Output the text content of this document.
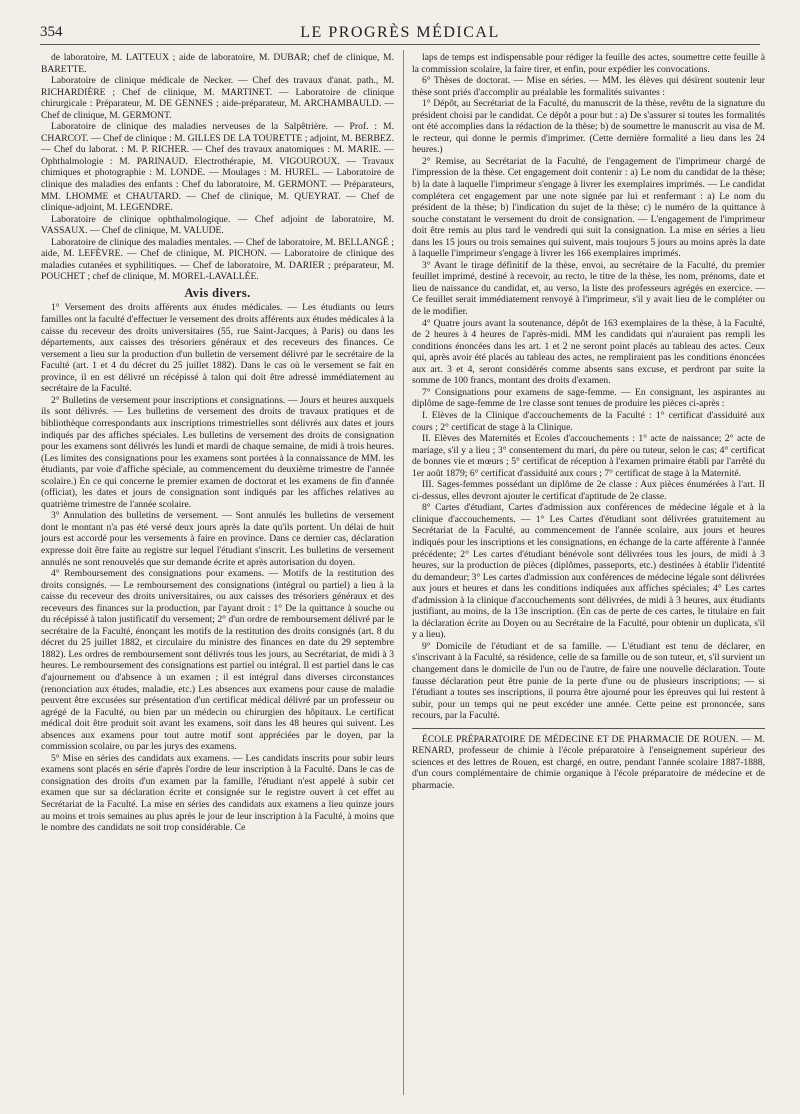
354	LE PROGRÈS MÉDICAL

de laboratoire, M. LATTEUX ; aide de laboratoire, M. DUBAR; chef de clinique, M. BARETTE.

Laboratoire de clinique médicale de Necker. — Chef des travaux d'anat. path., M. RICHARDIÈRE ; Chef de clinique, M. MARTINET. — Laboratoire de clinique chirurgicale : Préparateur, M. DE GENNES ; aide-préparateur, M. ARCHAMBAULD. — Chef de clinique, M. GERMONT.

Laboratoire de clinique des maladies nerveuses de la Salpêtrière. — Prof. : M. CHARCOT. — Chef de clinique : M. GILLES DE LA TOURETTE ; adjoint, M. BERBEZ. — Chef du laborat. : M. P. RICHER. — Chef des travaux anatomiques : M. MARIE. — Ophthalmologie : M. PARINAUD. Electrothérapie, M. VIGOUROUX. — Travaux chimiques et photographie : M. LONDE. — Moulages : M. HUREL. — Laboratoire de clinique des maladies des enfants : Chef du laboratoire, M. GERMONT. — Préparateurs, MM. LHOMME et CHAUTARD. — Chef de clinique, M. QUEYRAT. — Chef de clinique-adjoint, M. LEGENDRE.

Laboratoire de clinique ophthalmologique. — Chef adjoint de laboratoire, M. VASSAUX. — Chef de clinique, M. VALUDE.

Laboratoire de clinique des maladies mentales. — Chef de laboratoire, M. BELLANGÉ ; aide, M. LEFÈVRE. — Chef de clinique, M. PICHON. — Laboratoire de clinique des maladies cutanées et syphilitiques. — Chef de laboratoire, M. DARIER ; préparateur, M. POUCHET ; chef de clinique, M. MOREL-LAVALLÉE.

Avis divers.

1° Versement des droits afférents aux études médicales. — Les étudiants ou leurs familles ont la faculté d'effectuer le versement des droits afférents aux études médicales à la caisse du receveur des droits universitaires (55, rue Saint-Jacques, à Paris) ou dans les départements, aux caisses des trésoriers généraux et des receveurs des finances. Ce versement a lieu sur la production d'un bulletin de versement délivré par le secrétaire de la Faculté (art. 1 et 4 du décret du 25 juillet 1882). Dans le cas où le versement se fait en province, il en est délivré un récépissé à talon qui doit être adressé immédiatement au secrétaire de la Faculté.

2° Bulletins de versement pour inscriptions et consignations. — Jours et heures auxquels ils sont délivrés. — Les bulletins de versement des droits de travaux pratiques et de bibliothèque correspondants aux inscriptions trimestrielles sont délivrés aux dates et jours indiqués par des affiches spéciales. Les bulletins de versement des droits de consignation pour les examens sont délivrés les lundi et mardi de chaque semaine, de midi à trois heures. (Les limites des consignations pour les examens sont portées à la connaissance de MM. les étudiants, par voie d'affiche spéciale, au commencement du deuxième trimestre de l'année scolaire.) En ce qui concerne le premier examen de doctorat et les examens de fin d'année (officiat), les dates et jours de consignation sont indiqués par les affiches relatives au quatrième trimestre de l'année scolaire.

3° Annulation des bulletins de versement. — Sont annulés les bulletins de versement dont le montant n'a pas été versé deux jours après la date qu'ils portent. Un délai de huit jours est accordé pour les versements à faire en province. Dans ce dernier cas, déclaration expresse doit être faite au registre sur lequel l'étudiant s'inscrit. Les bulletins de versement annulés ne sont renouvelés que sur demande écrite et après autorisation du doyen.

4° Remboursement des consignations pour examens. — Motifs de la restitution des droits consignés. — Le remboursement des consignations (intégral ou partiel) a lieu à la caisse du receveur des droits universitaires, ou aux caisses des trésoriers généraux et des receveurs des finances sur la production, par l'ayant droit : 1° De la quittance à souche ou du récépissé à talon justificatif du versement; 2° d'un ordre de remboursement délivré par le secrétaire de la Faculté, énonçant les motifs de la restitution des droits consignés (art. 8 du décret du 25 juillet 1882, et circulaire du ministre des finances en date du 29 septembre 1882). Les ordres de remboursement sont délivrés tous les jours, au Secrétariat, de midi à 3 heures. Le remboursement des consignations est partiel ou intégral. Il est partiel dans le cas d'ajournement ou d'absence à un examen ; il est intégral dans diverses circonstances (renonciation aux études, maladie, etc.) Les absences aux examens pour cause de maladie peuvent être excusées sur présentation d'un certificat médical délivré par un professeur ou agrégé de la Faculté, ou bien par un médecin ou chirurgien des hôpitaux. Le certificat médical doit être produit soit avant les examens, soit dans les 48 heures qui suivent. Les absences aux examens pour tout autre motif sont appréciées par le doyen, par la commission scolaire, ou par les jurys des examens.

5° Mise en séries des candidats aux examens. — Les candidats inscrits pour subir leurs examens sont placés en série d'après l'ordre de leur inscription à la Faculté. Dans le cas de consignation des droits d'un examen par la famille, l'étudiant n'est appelé à subir cet examen que sur sa déclaration écrite et consignée sur le registre ouvert à cet effet au Secrétariat de la Faculté. La mise en séries des candidats aux examens a lieu quinze jours au moins et trois semaines au plus après le jour de leur inscription à la Faculté, à moins que le nombre des candidats ne soit trop considérable. Ce

laps de temps est indispensable pour rédiger la feuille des actes, soumettre cette feuille à la commission scolaire, la faire tirer, et enfin, pour expédier les convocations.

6° Thèses de doctorat. — Mise en séries. — MM. les élèves qui désirent soutenir leur thèse sont priés d'accomplir au préalable les formalités suivantes :

1° Dépôt, au Secrétariat de la Faculté, du manuscrit de la thèse, revêtu de la signature du président choisi par le candidat. Ce dépôt a pour but : a) De s'assurer si toutes les formalités ont été accomplies dans la rédaction de la thèse; b) de soumettre le manuscrit au visa de M. le recteur, qui donne le permis d'imprimer. (Cette dernière formalité a lieu dans les 24 heures.)

2° Remise, au Secrétariat de la Faculté, de l'engagement de l'imprimeur chargé de l'impression de la thèse. Cet engagement doit contenir : a) Le nom du candidat de la thèse; b) la date à laquelle l'imprimeur s'engage à livrer les exemplaires imprimés. — Le candidat complétera cet engagement par une note signée par lui et renfermant : a) Le nom du président de la thèse; b) l'indication du sujet de la thèse; c) le numéro de la quittance à souche constatant le versement du droit de consignation. — L'engagement de l'imprimeur doit être remis au plus tard le vendredi qui suit la consignation. La mise en séries a lieu dans les 15 jours ou trois semaines qui suivent, mais toujours 5 jours au moins après la date à laquelle l'imprimeur s'engage à livrer les 166 exemplaires imprimés.

3° Avant le tirage définitif de la thèse, envoi, au secrétaire de la Faculté, du premier feuillet imprimé, destiné à recevoir, au recto, le titre de la thèse, les nom, prénoms, date et lieu de naissance du candidat, et, au verso, la liste des professeurs agrégés en exercice. — Ce feuillet serait immédiatement renvoyé à l'imprimeur, s'il y avait lieu de le compléter ou de le modifier.

4° Quatre jours avant la soutenance, dépôt de 163 exemplaires de la thèse, à la Faculté, de 2 heures à 4 heures de l'après-midi. MM les candidats qui n'auraient pas rempli les conditions énoncées dans les art. 1 et 2 ne seront point placés au tableau des actes. Ceux qui, après avoir été placés au tableau des actes, ne rempliraient pas les conditions énoncées aux art. 3 et 4, seront considérés comme absents sans excuse, et perdront par suite la somme de 100 francs, montant des droits d'examen.

7° Consignations pour examens de sage-femme. — En consignant, les aspirantes au diplôme de sage-femme de 1re classe sont tenues de produire les pièces ci-après :

I. Elèves de la Clinique d'accouchements de la Faculté : 1° certificat d'assiduité aux cours ; 2° certificat de stage à la Clinique.

II. Elèves des Maternités et Ecoles d'accouchements : 1° acte de naissance; 2° acte de mariage, s'il y a lieu ; 3° consentement du mari, du père ou tuteur, selon le cas; 4° certificat de bonnes vie et mœurs ; 5° certificat de réception à l'examen primaire établi par l'arrêté du 1er août 1879; 6° certificat d'assiduité aux cours ; 7° certificat de stage à la Maternité.

III. Sages-femmes possédant un diplôme de 2e classe : Aux pièces énumérées à l'art. II ci-dessus, elles devront ajouter le certificat d'aptitude de 2e classe.

8° Cartes d'étudiant, Cartes d'admission aux conférences de médecine légale et à la clinique d'accouchements. — 1° Les Cartes d'étudiant sont délivrées gratuitement au Secrétariat de la Faculté, au commencement de l'année scolaire, aux jours et heures indiqués pour les inscriptions et les consignations, en échange de la carte afférente à l'année précédente; 2° Les cartes d'étudiant bénévole sont délivrées tous les jours, de midi à 3 heures, sur la production de pièces (diplômes, passeports, etc.) destinées à établir l'identité du demandeur; 3° Les cartes d'admission aux conférences de médecine légale sont délivrées aux jours et heures et dans les conditions indiquées aux affiches spéciales; 4° Les cartes d'admission à la clinique d'accouchements sont délivrées, de midi à 3 heures, aux étudiants justifiant, au moins, de la 13e inscription. (En cas de perte de ces cartes, le titulaire en fait la déclaration écrite au Doyen ou au Secrétaire de la Faculté, pour obtenir un duplicata, s'il y a lieu).

9° Domicile de l'étudiant et de sa famille. — L'étudiant est tenu de déclarer, en s'inscrivant à la Faculté, sa résidence, celle de sa famille ou de son tuteur, et, s'il survient un changement dans le domicile de l'un ou de l'autre, de faire une nouvelle déclaration. Toute fausse déclaration peut être punie de la perte d'une ou de plusieurs inscriptions; — si l'étudiant a toutes ses inscriptions, il pourra être ajourné pour les épreuves qui lui restent à subir, pour un temps qui ne peut excéder une année. Cette peine est prononcée, sans recours, par la Faculté.

ÉCOLE PRÉPARATOIRE DE MÉDECINE ET DE PHARMACIE DE ROUEN. — M. RENARD, professeur de chimie à l'école préparatoire à l'enseignement supérieur des sciences et des lettres de Rouen, est chargé, en outre, pendant l'année scolaire 1887-1888, d'un cours complémentaire de chimie organique à l'école préparatoire de médecine et de pharmacie.
